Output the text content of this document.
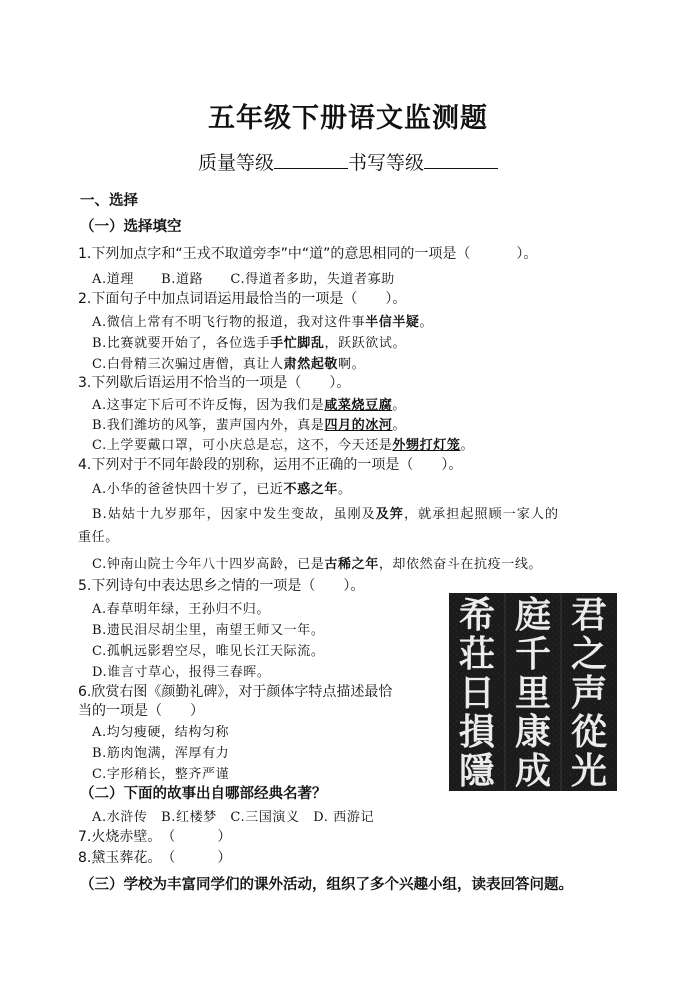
五年级下册语文监测题
质量等级	书写等级
一、选择
（一）选择填空
1.下列加点字和“王戎不取道旁李”中“道”的意思相同的一项是（	）。
A.道理　　B.道路　　C.得道者多助，失道者寡助
2.下面句子中加点词语运用最恰当的一项是（　　）。
A.微信上常有不明飞行物的报道，我对这件事半信半疑。
B.比赛就要开始了，各位选手手忙脚乱，跃跃欲试。
C.白骨精三次骗过唐僧，真让人肃然起敬啊。
3.下列歇后语运用不恰当的一项是（　　）。
A.这事定下后可不许反悔，因为我们是咸菜烧豆腐。
B.我们潍坊的风筝，蜚声国内外，真是四月的冰河。
C.上学要戴口罩，可小庆总是忘，这不，今天还是外甥打灯笼。
4.下列对于不同年龄段的别称，运用不正确的一项是（　　）。
A.小华的爸爸快四十岁了，已近不惑之年。
B.姑姑十九岁那年，因家中发生变故，虽刚及及笄，就承担起照顾一家人的
重任。
C.钟南山院士今年八十四岁高龄，已是古稀之年，却依然奋斗在抗疫一线。
5.下列诗句中表达思乡之情的一项是（　　）。
A.春草明年绿，王孙归不归。
B.遗民泪尽胡尘里，南望王师又一年。
C.孤帆远影碧空尽，唯见长江天际流。
D.谁言寸草心，报得三春晖。
6.欣赏右图《颜勤礼碑》，对于颜体字特点描述最恰
当的一项是（　　）
A.均匀瘦硬，结构匀称
B.筋肉饱满，浑厚有力
C.字形稍长，整齐严谨
君
之
声
從
光
庭
千
里
康
成
希
荘
日
損
隱
（二）下面的故事出自哪部经典名著？
A.水浒传　B.红楼梦　C.三国演义　D. 西游记
7.火烧赤壁。　（　　　）
8.黛玉葬花。　（　　　）
（三）学校为丰富同学们的课外活动，组织了多个兴趣小组，读表回答问题。
